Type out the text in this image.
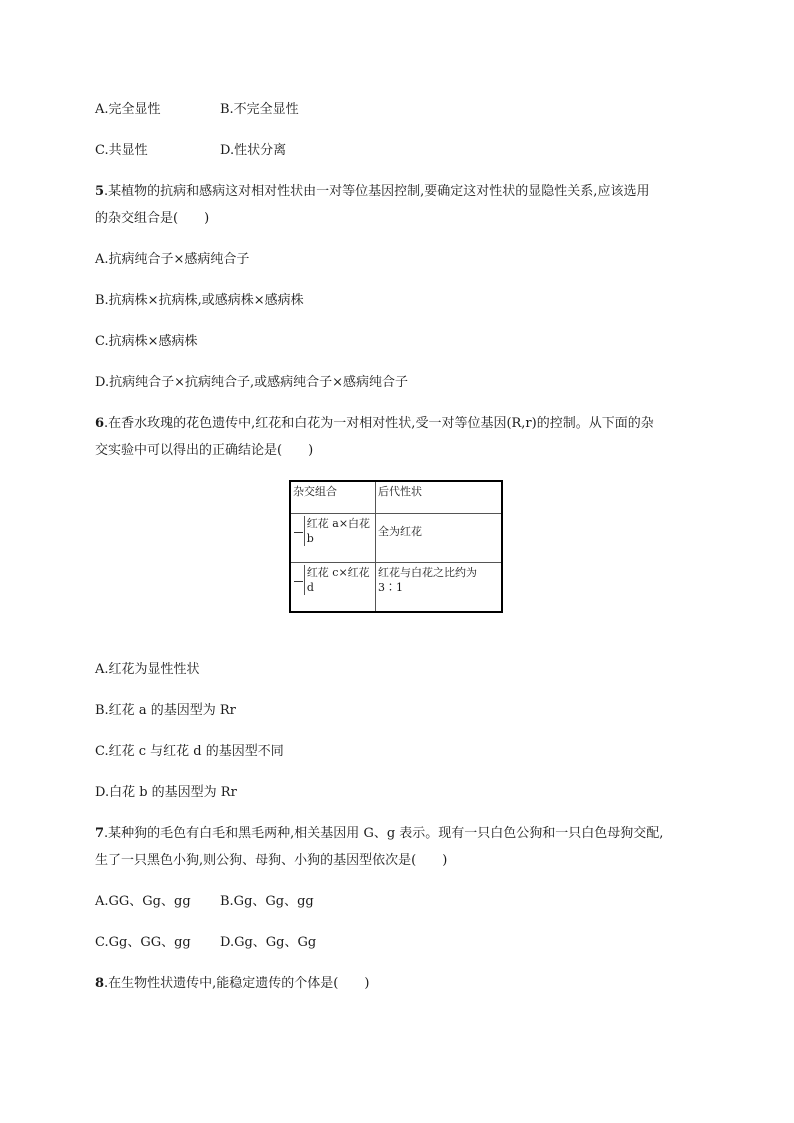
A.完全显性	B.不完全显性
C.共显性	D.性状分离
5.某植物的抗病和感病这对相对性状由一对等位基因控制,要确定这对性状的显隐性关系,应该选用
的杂交组合是(　　)
A.抗病纯合子×感病纯合子
B.抗病株×抗病株,或感病株×感病株
C.抗病株×感病株
D.抗病纯合子×抗病纯合子,或感病纯合子×感病纯合子
6.在香水玫瑰的花色遗传中,红花和白花为一对相对性状,受一对等位基因(R,r)的控制。从下面的杂
交实验中可以得出的正确结论是(　　)
杂交组合	后代性状

红花 a×白花 b	全为红花

红花 c×红花 d	红花与白花之比约为 3∶1
A.红花为显性性状
B.红花 a 的基因型为 Rr
C.红花 c 与红花 d 的基因型不同
D.白花 b 的基因型为 Rr
7.某种狗的毛色有白毛和黑毛两种,相关基因用 G、g 表示。现有一只白色公狗和一只白色母狗交配,
生了一只黑色小狗,则公狗、母狗、小狗的基因型依次是(　　)
A.GG、Gg、gg B.Gg、Gg、gg
C.Gg、GG、gg D.Gg、Gg、Gg
8.在生物性状遗传中,能稳定遗传的个体是(　　)
